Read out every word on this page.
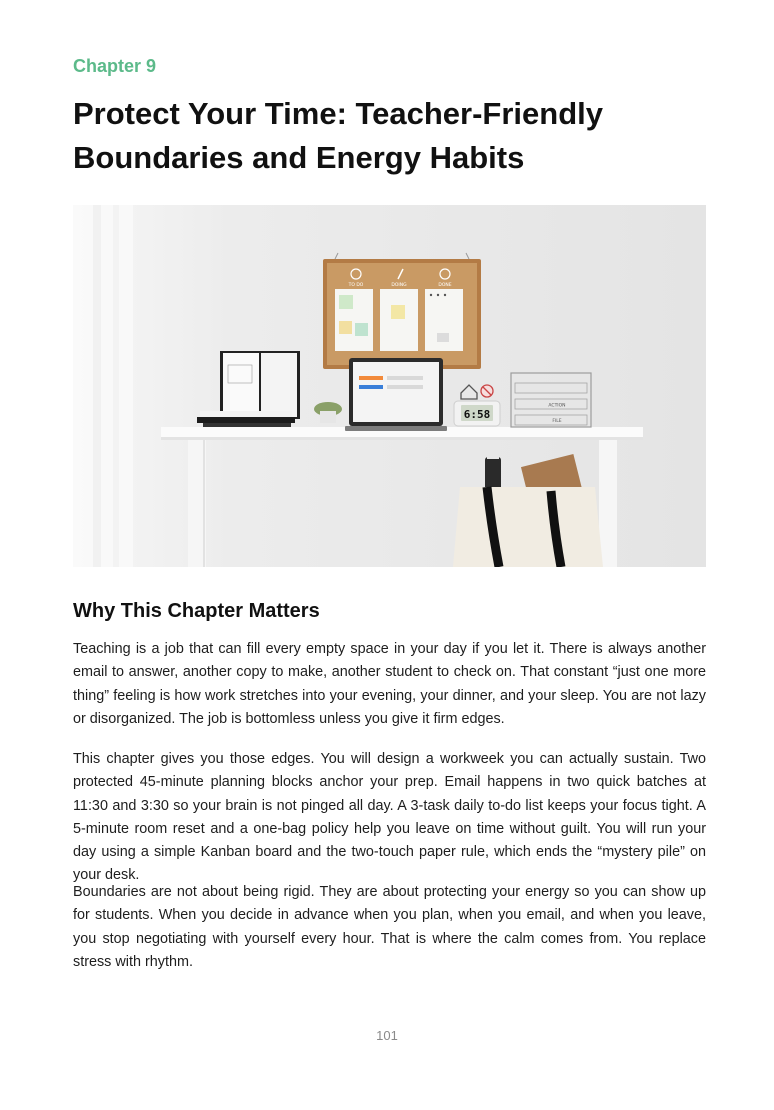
Chapter 9
Protect Your Time: Teacher-Friendly Boundaries and Energy Habits
TO DO	DOING	DONE
6:58
ACTION
FILE
Why This Chapter Matters

Teaching is a job that can fill every empty space in your day if you let it. There is always another email to answer, another copy to make, another student to check on. That constant “just one more thing” feeling is how work stretches into your evening, your dinner, and your sleep. You are not lazy or disorganized. The job is bottomless unless you give it firm edges.

This chapter gives you those edges. You will design a workweek you can actually sustain. Two protected 45-minute planning blocks anchor your prep. Email happens in two quick batches at 11:30 and 3:30 so your brain is not pinged all day. A 3-task daily to-do list keeps your focus tight. A 5-minute room reset and a one-bag policy help you leave on time without guilt. You will run your day using a simple Kanban board and the two-touch paper rule, which ends the “mystery pile” on your desk.

Boundaries are not about being rigid. They are about protecting your energy so you can show up for students. When you decide in advance when you plan, when you email, and when you leave, you stop negotiating with yourself every hour. That is where the calm comes from. You replace stress with rhythm.

101
